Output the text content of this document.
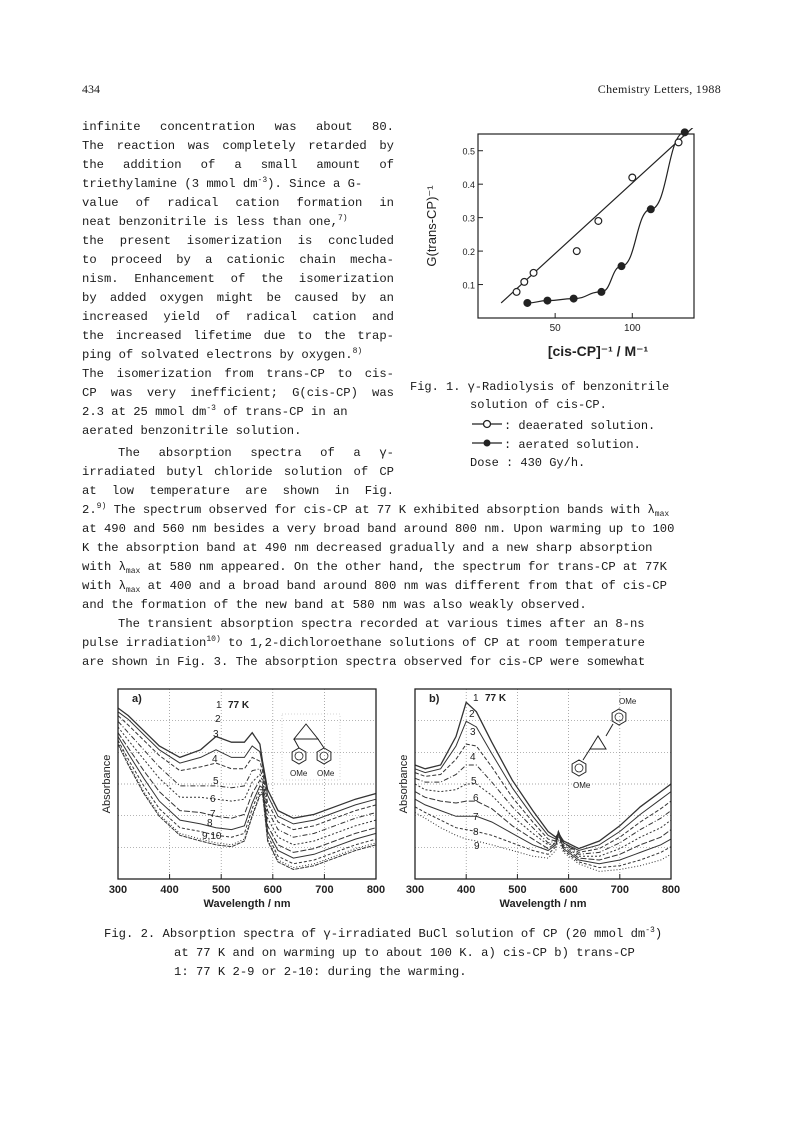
434	Chemistry Letters, 1988
infinite concentration was about 80.
The reaction was completely retarded by
the addition of a small amount of
triethylamine (3 mmol $dm^{-3}$). Since a G-
value of radical cation formation in
neat benzonitrile is less than one,$^{7)}$
the present isomerization is concluded
to proceed by a cationic chain mecha-
nism. Enhancement of the isomerization
by added oxygen might be caused by an
increased yield of radical cation and
the increased lifetime due to the trap-
ping of solvated electrons by oxygen.$^{8)}$
The isomerization from trans-CP to cis-
CP was very inefficient; G(cis-CP) was
2.3 at 25 mmol $dm^{-3}$ of trans-CP in an
aerated benzonitrile solution.
The absorption spectra of a γ-
irradiated butyl chloride solution of CP
at low temperature are shown in Fig.
2.$^{9)}$ The spectrum observed for cis-CP at 77 K exhibited absorption bands with $\lambda_{max}$
at 490 and 560 nm besides a very broad band around 800 nm. Upon warming up to 100
K the absorption band at 490 nm decreased gradually and a new sharp absorption
with $\lambda_{max}$ at 580 nm appeared. On the other hand, the spectrum for trans-CP at 77K
with $\lambda_{max}$ at 400 and a broad band around 800 nm was different from that of cis-CP
and the formation of the new band at 580 nm was also weakly observed.
The transient absorption spectra recorded at various times after an 8-ns
pulse irradiation$^{10)}$ to 1,2-dichloroethane solutions of CP at room temperature
are shown in Fig. 3. The absorption spectra observed for cis-CP were somewhat
0.1
0.2
0.3
0.4
0.5
50	100
G(trans-CP)⁻¹
[cis-CP]⁻¹ / M⁻¹
Fig. 1. γ-Radiolysis of benzonitrile
solution of cis-CP.
: deaerated solution.
: aerated solution.
Dose : 430 Gy/h.
300	400	500	600	700	800
Wavelength / nm
Absorbance
a)
1
2
3
4
5
6
7
8
9,10
77 K
OMe OMe
300	400	500	600	700	800
Wavelength / nm
Absorbance
b)	1
2
3
4
5
6
7
8
9
77 K	OMe
OMe
Fig. 2. Absorption spectra of γ-irradiated BuCl solution of CP (20 mmol $dm^{-3}$)
at 77 K and on warming up to about 100 K. a) cis-CP b) trans-CP
1: 77 K 2-9 or 2-10: during the warming.
